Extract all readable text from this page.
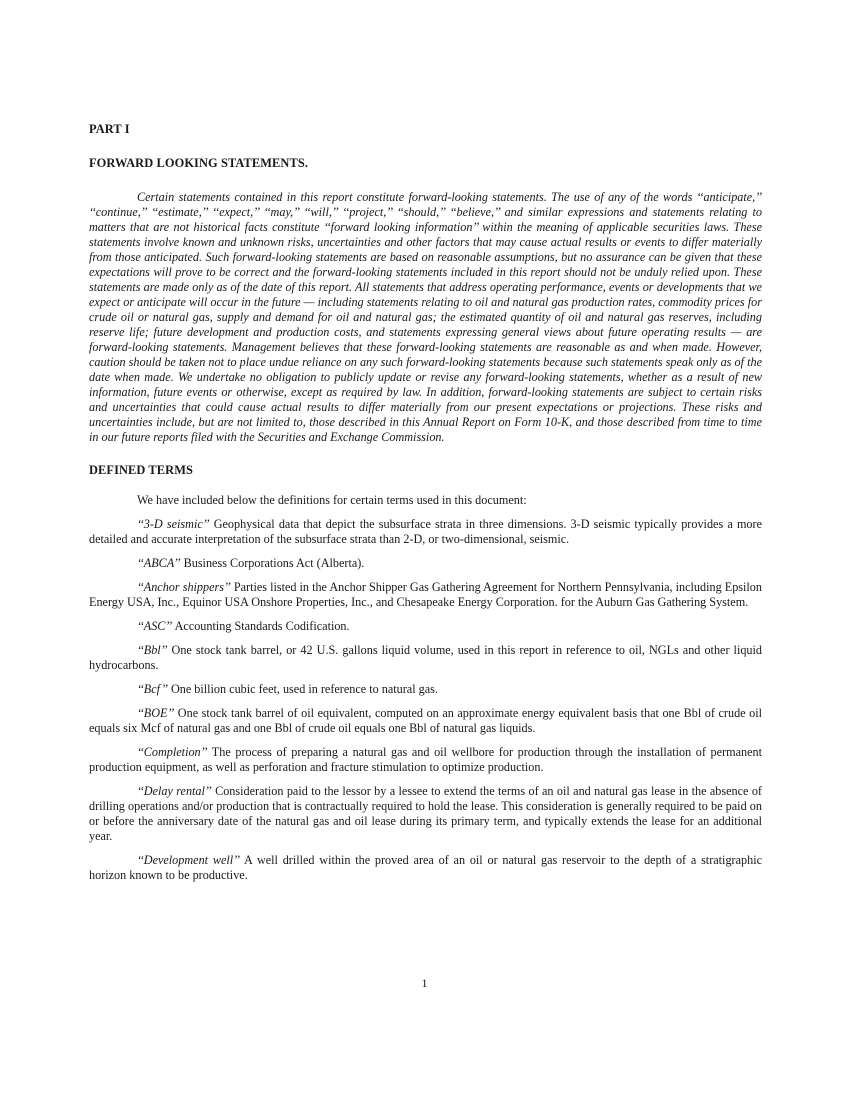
PART I

FORWARD LOOKING STATEMENTS.

Certain statements contained in this report constitute forward-looking statements. The use of any of the words ‘‘anticipate,’’ ‘‘continue,’’ ‘‘estimate,’’ ‘‘expect,’’ ‘‘may,’’ ‘‘will,’’ ‘‘project,’’ ‘‘should,’’ ‘‘believe,’’ and similar expressions and statements relating to matters that are not historical facts constitute ‘‘forward looking information’’ within the meaning of applicable securities laws. These statements involve known and unknown risks, uncertainties and other factors that may cause actual results or events to differ materially from those anticipated. Such forward-looking statements are based on reasonable assumptions, but no assurance can be given that these expectations will prove to be correct and the forward-looking statements included in this report should not be unduly relied upon. These statements are made only as of the date of this report. All statements that address operating performance, events or developments that we expect or anticipate will occur in the future — including statements relating to oil and natural gas production rates, commodity prices for crude oil or natural gas, supply and demand for oil and natural gas; the estimated quantity of oil and natural gas reserves, including reserve life; future development and production costs, and statements expressing general views about future operating results — are forward-looking statements. Management believes that these forward-looking statements are reasonable as and when made. However, caution should be taken not to place undue reliance on any such forward-looking statements because such statements speak only as of the date when made. We undertake no obligation to publicly update or revise any forward-looking statements, whether as a result of new information, future events or otherwise, except as required by law. In addition, forward-looking statements are subject to certain risks and uncertainties that could cause actual results to differ materially from our present expectations or projections. These risks and uncertainties include, but are not limited to, those described in this Annual Report on Form 10-K, and those described from time to time in our future reports filed with the Securities and Exchange Commission.

DEFINED TERMS

We have included below the definitions for certain terms used in this document:

‘‘3-D seismic’’ Geophysical data that depict the subsurface strata in three dimensions. 3-D seismic typically provides a more detailed and accurate interpretation of the subsurface strata than 2-D, or two-dimensional, seismic.

‘‘ABCA’’ Business Corporations Act (Alberta).

‘‘Anchor shippers’’ Parties listed in the Anchor Shipper Gas Gathering Agreement for Northern Pennsylvania, including Epsilon Energy USA, Inc., Equinor USA Onshore Properties, Inc., and Chesapeake Energy Corporation. for the Auburn Gas Gathering System.

‘‘ASC’’ Accounting Standards Codification.

‘‘Bbl’’ One stock tank barrel, or 42 U.S. gallons liquid volume, used in this report in reference to oil, NGLs and other liquid hydrocarbons.

‘‘Bcf’’ One billion cubic feet, used in reference to natural gas.

‘‘BOE’’ One stock tank barrel of oil equivalent, computed on an approximate energy equivalent basis that one Bbl of crude oil equals six Mcf of natural gas and one Bbl of crude oil equals one Bbl of natural gas liquids.

‘‘Completion’’ The process of preparing a natural gas and oil wellbore for production through the installation of permanent production equipment, as well as perforation and fracture stimulation to optimize production.

‘‘Delay rental’’ Consideration paid to the lessor by a lessee to extend the terms of an oil and natural gas lease in the absence of drilling operations and/or production that is contractually required to hold the lease. This consideration is generally required to be paid on or before the anniversary date of the natural gas and oil lease during its primary term, and typically extends the lease for an additional year.

‘‘Development well’’ A well drilled within the proved area of an oil or natural gas reservoir to the depth of a stratigraphic horizon known to be productive.

1
